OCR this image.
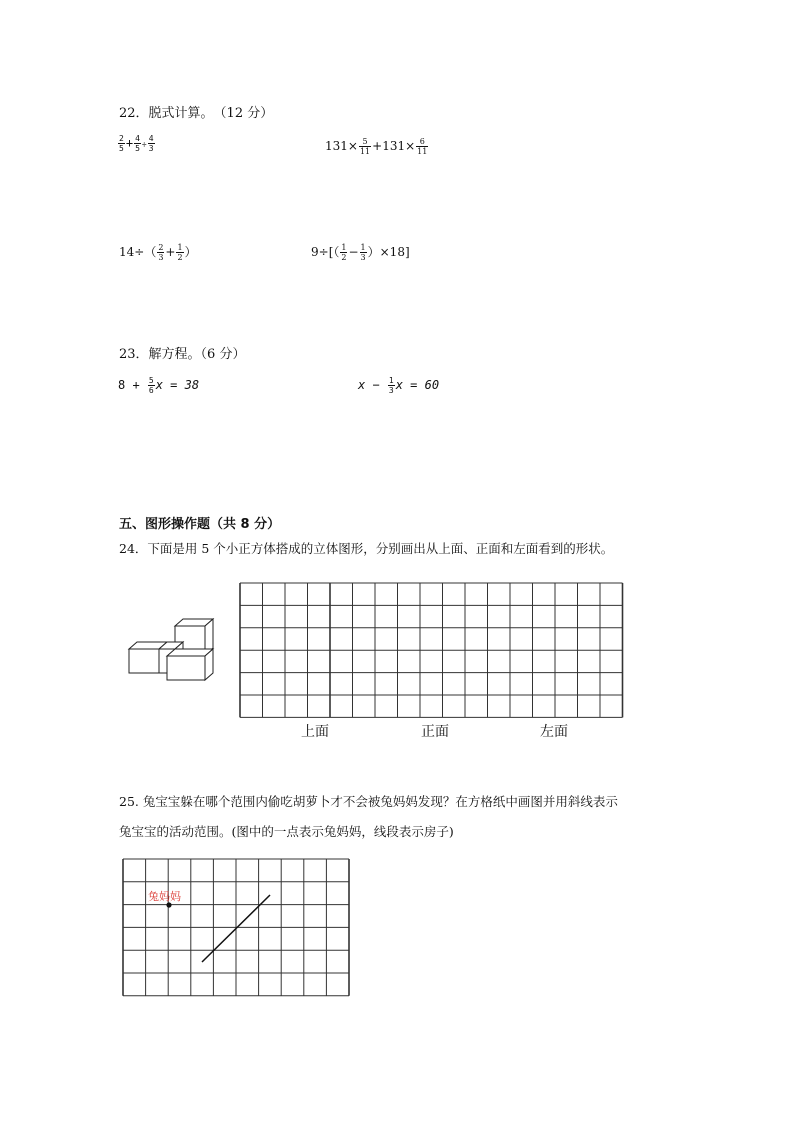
22．脱式计算。　（12 分）
$\frac{2}{5} + \frac{4}{5} \div \frac{4}{3}$	$131\times \frac{5}{11} +131\times \frac{6}{11}$
$14\div( \frac{2}{3} + \frac{1}{2}$ ）	$9\div[( \frac{1}{2} - \frac{1}{3} )\times 18]$
23．解方程。（6 分）
$8 + \frac{5}{6}$ x = 38	$x - \frac{1}{3}$ x = 60
五、图形操作题（共 8 分）
24．下面是用 5 个小正方体搭成的立体图形，分别画出从上面、正面和左面看到的形状。
上面	正面	左面
25. 兔宝宝躲在哪个范围内偷吃胡萝卜才不会被兔妈妈发现？在方格纸中画图并用斜线表示
兔宝宝的活动范围。(图中的一点表示兔妈妈，线段表示房子)
兔妈妈
